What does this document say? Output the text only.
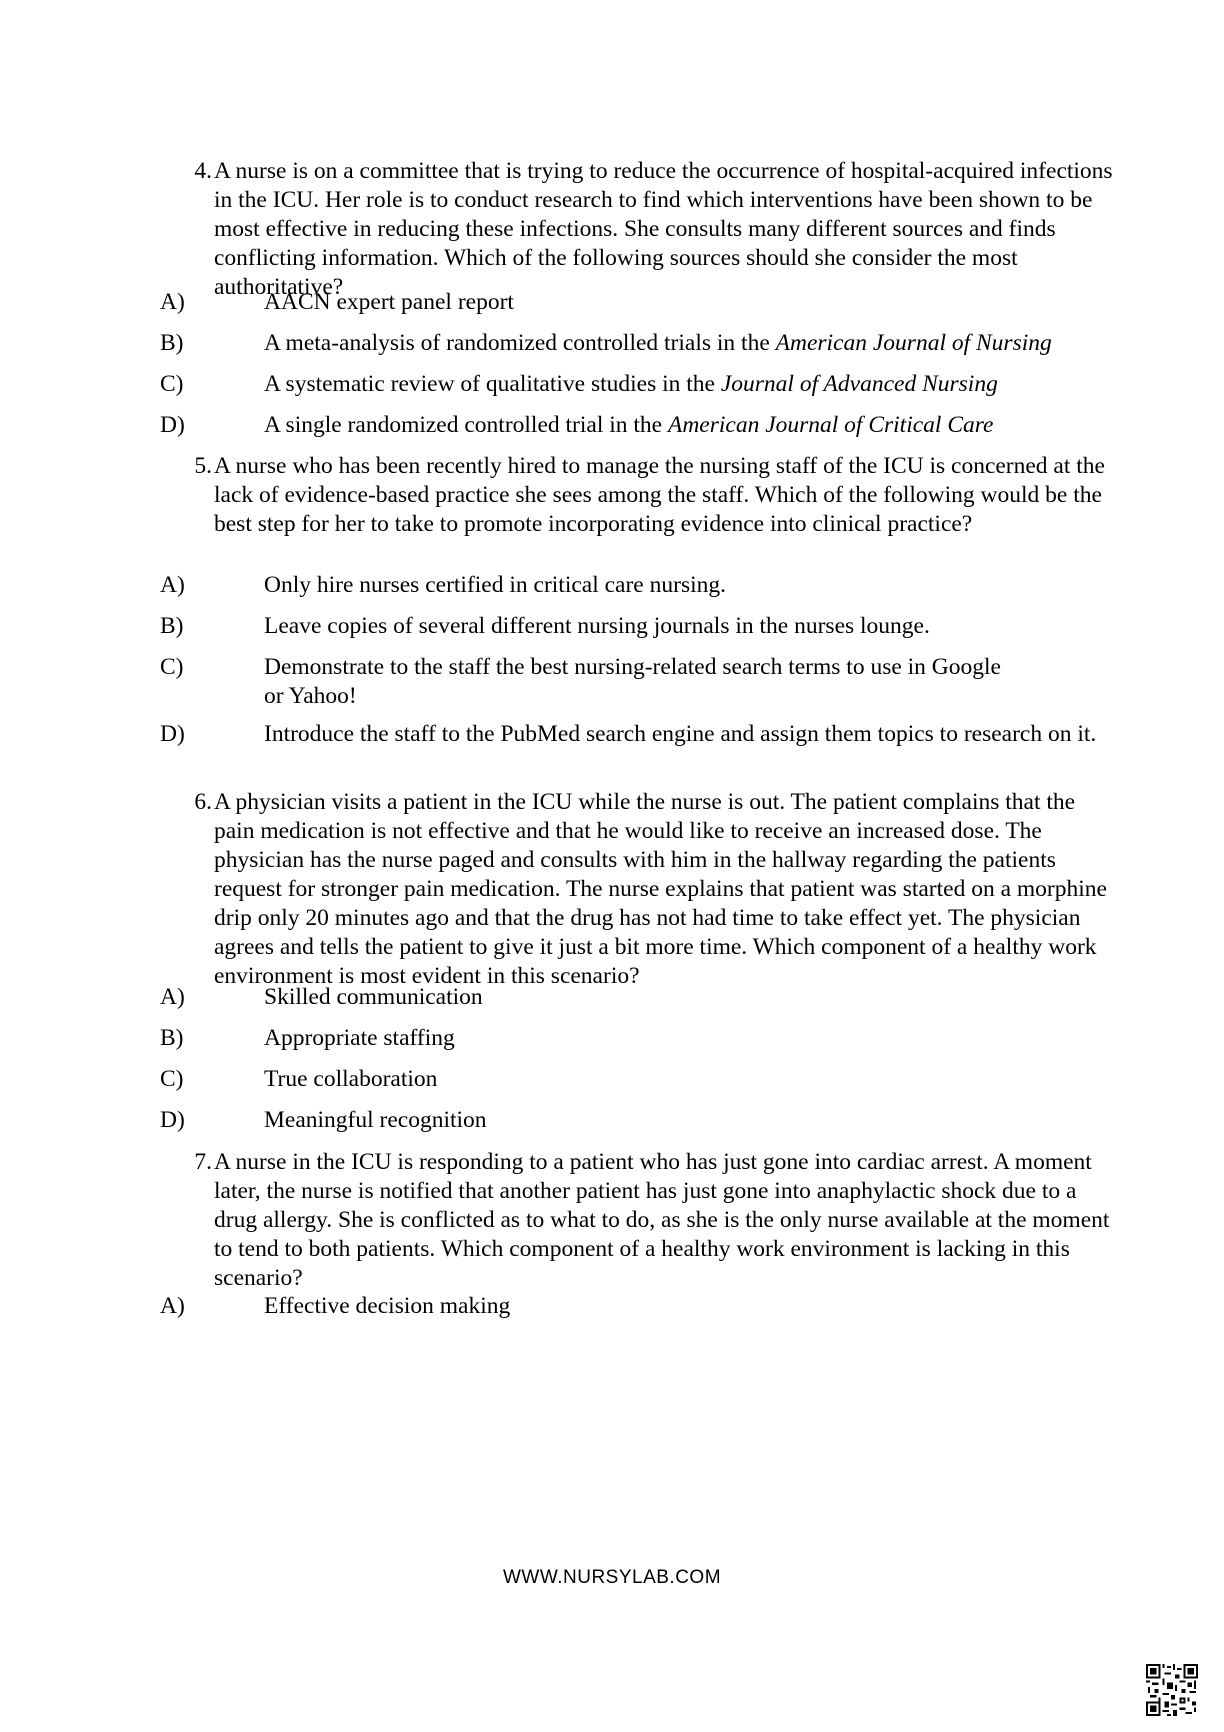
4. A nurse is on a committee that is trying to reduce the occurrence of hospital-acquired infections in the ICU. Her role is to conduct research to find which interventions have been shown to be most effective in reducing these infections. She consults many different sources and finds conflicting information. Which of the following sources should she consider the most authoritative?
A)	AACN expert panel report
B)	A meta-analysis of randomized controlled trials in the American Journal of Nursing
C)	A systematic review of qualitative studies in the Journal of Advanced Nursing
D)	A single randomized controlled trial in the American Journal of Critical Care
5. A nurse who has been recently hired to manage the nursing staff of the ICU is concerned at the lack of evidence-based practice she sees among the staff. Which of the following would be the best step for her to take to promote incorporating evidence into clinical practice?
A)	Only hire nurses certified in critical care nursing.
B)	Leave copies of several different nursing journals in the nurses lounge.
C)	Demonstrate to the staff the best nursing-related search terms to use in Google or Yahoo!
D)	Introduce the staff to the PubMed search engine and assign them topics to research on it.
6. A physician visits a patient in the ICU while the nurse is out. The patient complains that the pain medication is not effective and that he would like to receive an increased dose. The physician has the nurse paged and consults with him in the hallway regarding the patients request for stronger pain medication. The nurse explains that patient was started on a morphine drip only 20 minutes ago and that the drug has not had time to take effect yet. The physician agrees and tells the patient to give it just a bit more time. Which component of a healthy work environment is most evident in this scenario?
A)	Skilled communication
B)	Appropriate staffing
C)	True collaboration
D)	Meaningful recognition
7. A nurse in the ICU is responding to a patient who has just gone into cardiac arrest. A moment later, the nurse is notified that another patient has just gone into anaphylactic shock due to a drug allergy. She is conflicted as to what to do, as she is the only nurse available at the moment to tend to both patients. Which component of a healthy work environment is lacking in this scenario?
A)	Effective decision making
WWW.NURSYLAB.COM
